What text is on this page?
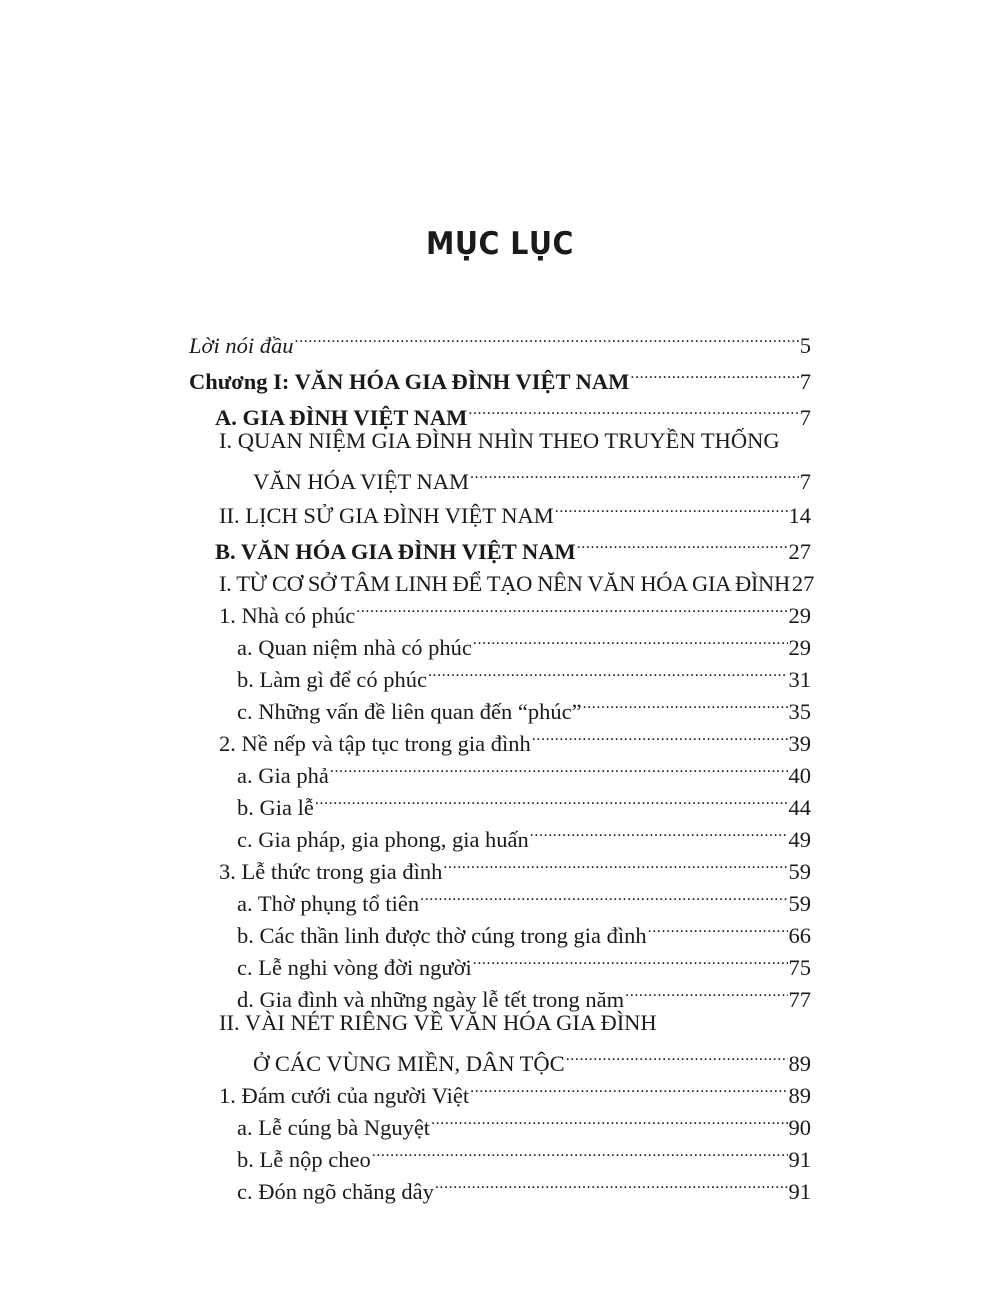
MỤC LỤC
Lời nói đầu .....	5
Chương I: VĂN HÓA GIA ĐÌNH VIỆT NAM .....	7
A. GIA ĐÌNH VIỆT NAM .....	7
I. QUAN NIỆM GIA ĐÌNH NHÌN THEO TRUYỀN THỐNG
VĂN HÓA VIỆT NAM .....	7
II. LỊCH SỬ GIA ĐÌNH VIỆT NAM .....	14
B. VĂN HÓA GIA ĐÌNH VIỆT NAM .....	27
I. TỪ CƠ SỞ TÂM LINH ĐỂ TẠO NÊN VĂN HÓA GIA ĐÌNH 27
1. Nhà có phúc .....	29
a. Quan niệm nhà có phúc .....	29
b. Làm gì để có phúc .....	31
c. Những vấn đề liên quan đến “phúc” .....	35
2. Nề nếp và tập tục trong gia đình .....	39
a. Gia phả .....	40
b. Gia lễ .....	44
c. Gia pháp, gia phong, gia huấn .....	49
3. Lễ thức trong gia đình .....	59
a. Thờ phụng tổ tiên .....	59
b. Các thần linh được thờ cúng trong gia đình .....	66
c. Lễ nghi vòng đời người .....	75
d. Gia đình và những ngày lễ tết trong năm .....	77
II. VÀI NÉT RIÊNG VỀ VĂN HÓA GIA ĐÌNH
Ở CÁC VÙNG MIỀN, DÂN TỘC .....	89
1. Đám cưới của người Việt .....	89
a. Lễ cúng bà Nguyệt .....	90
b. Lễ nộp cheo .....	91
c. Đón ngõ chăng dây .....	91
